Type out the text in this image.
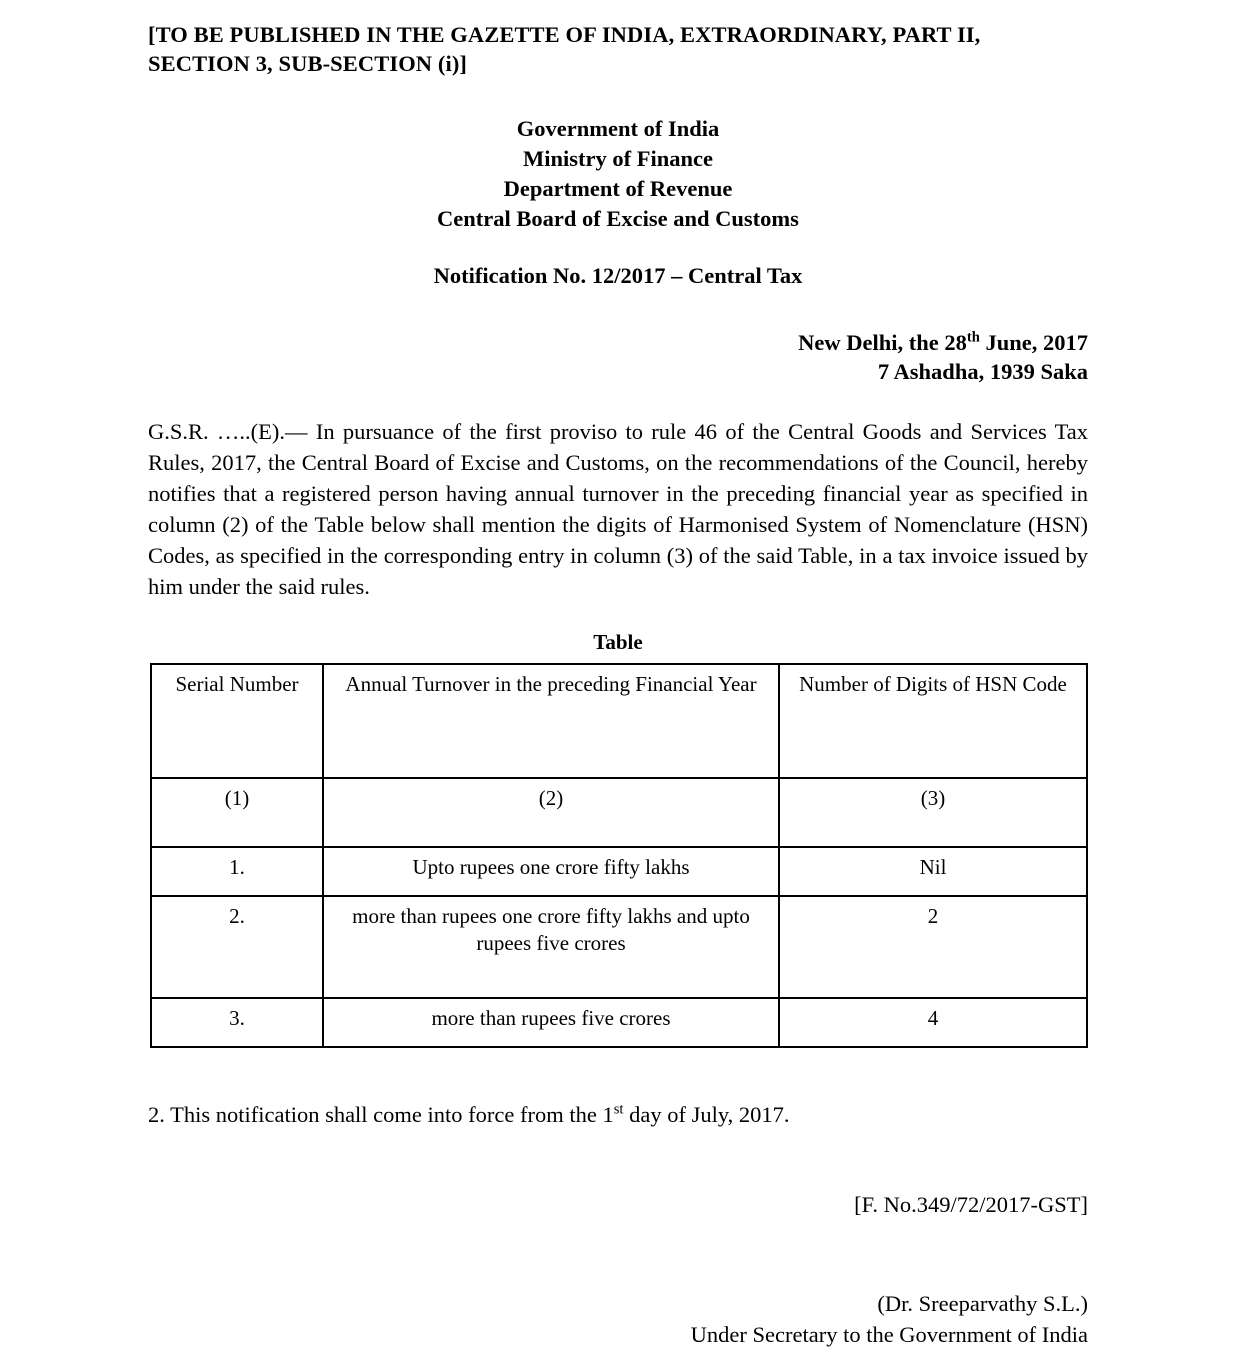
[TO BE PUBLISHED IN THE GAZETTE OF INDIA, EXTRAORDINARY, PART II, SECTION 3, SUB-SECTION (i)]
Government of India
Ministry of Finance
Department of Revenue
Central Board of Excise and Customs
Notification No. 12/2017 – Central Tax
New Delhi, the 28th June, 2017
7 Ashadha, 1939 Saka
G.S.R. …..(E).— In pursuance of the first proviso to rule 46 of the Central Goods and Services Tax Rules, 2017, the Central Board of Excise and Customs, on the recommendations of the Council, hereby notifies that a registered person having annual turnover in the preceding financial year as specified in column (2) of the Table below shall mention the digits of Harmonised System of Nomenclature (HSN) Codes, as specified in the corresponding entry in column (3) of the said Table, in a tax invoice issued by him under the said rules.
Table
Serial Number	Annual Turnover in the preceding Financial Year	Number of Digits of HSN Code
(1)	(2)	(3)
1.	Upto rupees one crore fifty lakhs	Nil
2.	more than rupees one crore fifty lakhs and upto rupees five crores	2
3.	more than rupees five crores	4
2. This notification shall come into force from the 1st day of July, 2017.
[F. No.349/72/2017-GST]
(Dr. Sreeparvathy S.L.)
Under Secretary to the Government of India
